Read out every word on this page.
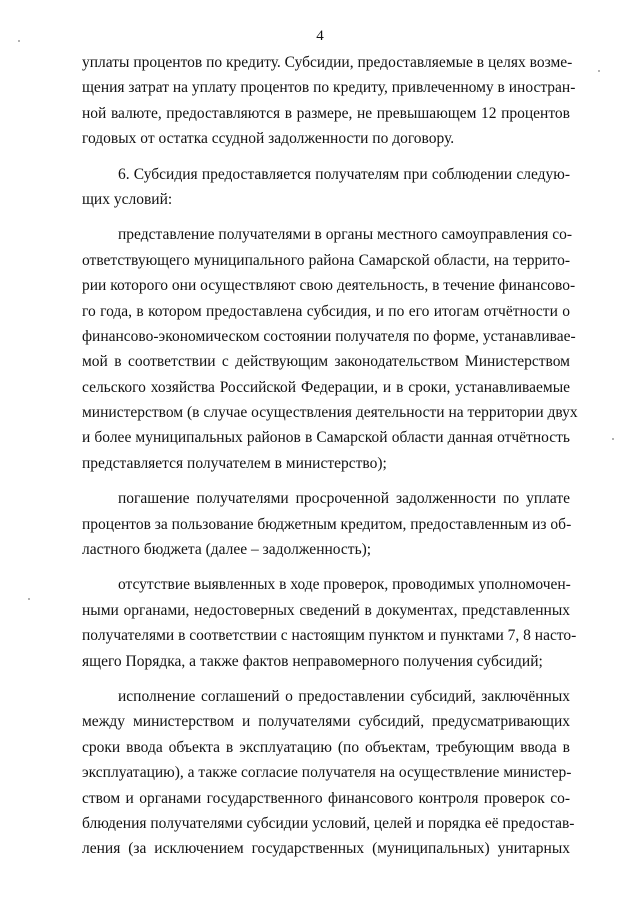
4
уплаты процентов по кредиту. Субсидии, предоставляемые в целях возме-
щения затрат на уплату процентов по кредиту, привлеченному в иностран-
ной валюте, предоставляются в размере, не превышающем 12 процентов
годовых от остатка ссудной задолженности по договору.
6. Субсидия предоставляется получателям при соблюдении следую-
щих условий:
представление получателями в органы местного самоуправления со-
ответствующего муниципального района Самарской области, на террито-
рии которого они осуществляют свою деятельность, в течение финансово-
го года, в котором предоставлена субсидия, и по его итогам отчётности о
финансово-экономическом состоянии получателя по форме, устанавливае-
мой в соответствии с действующим законодательством Министерством
сельского хозяйства Российской Федерации, и в сроки, устанавливаемые
министерством (в случае осуществления деятельности на территории двух
и более муниципальных районов в Самарской области данная отчётность
представляется получателем в министерство);
погашение получателями просроченной задолженности по уплате
процентов за пользование бюджетным кредитом, предоставленным из об-
ластного бюджета (далее – задолженность);
отсутствие выявленных в ходе проверок, проводимых уполномочен-
ными органами, недостоверных сведений в документах, представленных
получателями в соответствии с настоящим пунктом и пунктами 7, 8 насто-
ящего Порядка, а также фактов неправомерного получения субсидий;
исполнение соглашений о предоставлении субсидий, заключённых
между министерством и получателями субсидий, предусматривающих
сроки ввода объекта в эксплуатацию (по объектам, требующим ввода в
эксплуатацию), а также согласие получателя на осуществление министер-
ством и органами государственного финансового контроля проверок со-
блюдения получателями субсидии условий, целей и порядка её предостав-
ления (за исключением государственных (муниципальных) унитарных
